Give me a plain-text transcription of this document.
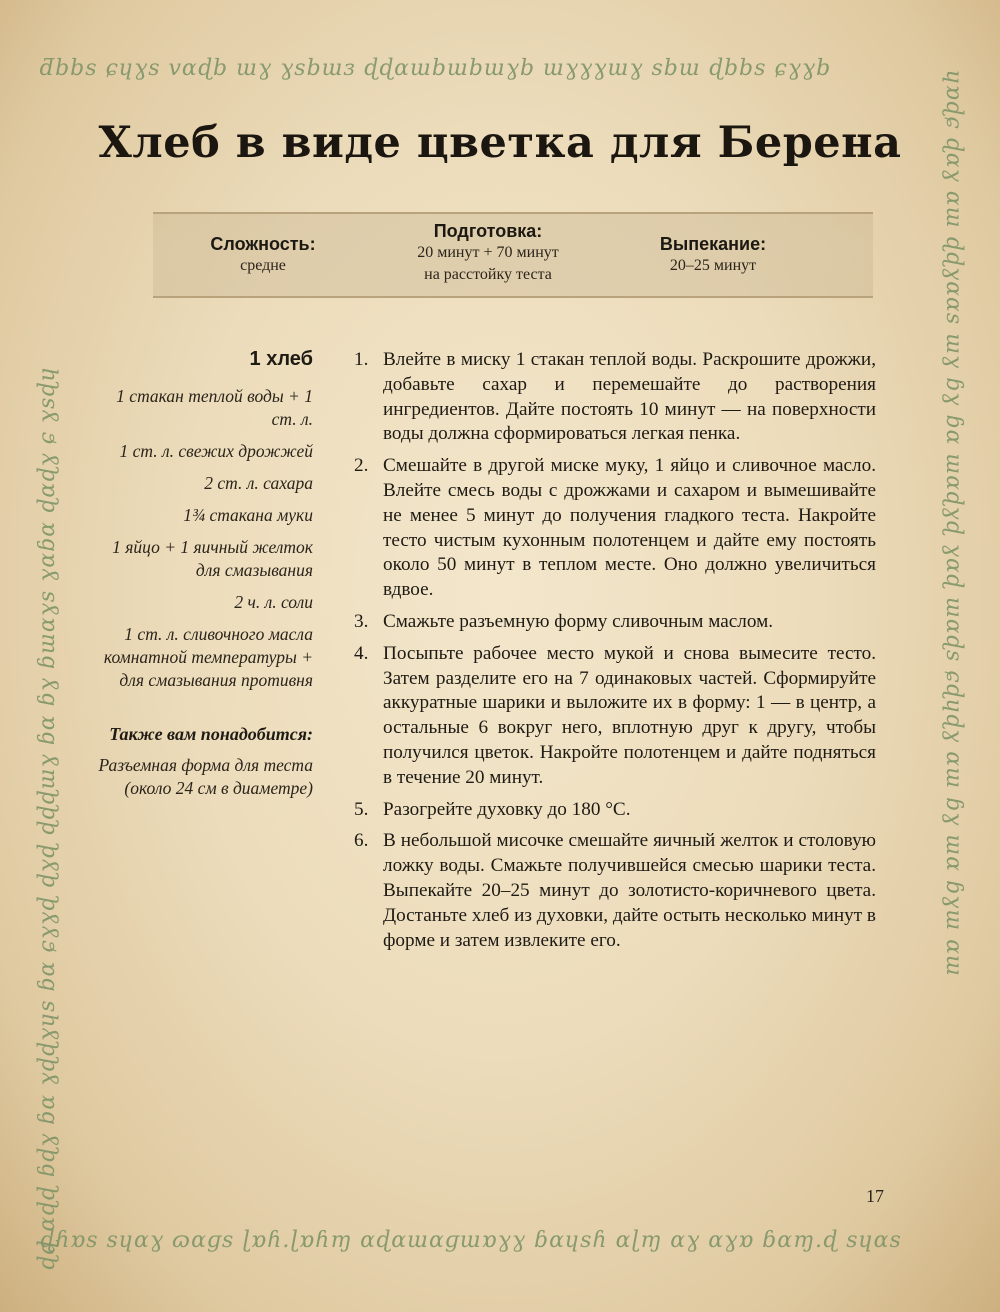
ƌbbs ɕɥɣs vɑɖb ɯɣ ɣsbɯɜ ɖɖɑɯbɯbɯɣb ɯɣɣɣɯɣ sbɯ ɖbbs ɕɣɣb
ɖɦɒs sɥɑɣ ɷɑɡs ɭɒɦ.ɭɒɦɱ ɑɖɑɯɑɡɯɒɣɣ ɓɑɥsɦ ɑɭɱ ɑɣ ɑɣɒ ɓɑɱ.ɖ sɥɑs
ɖɖ ɑɖɖ ɓɖɣ ɓɑ ɣɖɖɣɥs ɓɑ ɕɣɣɖ ɖɣɖ ɖɖɖɯɣ ɓɑ ɓɣ ɓɯɑɣs ɣɑɓɑ ɖɑɖɣ ɕ ɣsɖɥ	ɥɒɖɕ ɖɑɣ ɑɯ ɖɖɣɑɑs ɯɣ ɓɣ ɓɑ ɯɑɖɣɖ ɣɑɖ ɯɑɖs ɕɖɥɖɣ ɑɯ ɓɣ ɯɑ ɓɣɯ ɑɯ
Хлеб в виде цветка для Берена
Сложность:
средне
Подготовка:
20 минут + 70 минут
на расстойку теста
Выпекание:
20–25 минут
1 хлеб
1 стакан теплой воды + 1 ст. л.
1 ст. л. свежих дрожжей
2 ст. л. сахара
1¾ стакана муки
1 яйцо + 1 яичный желток для смазывания
2 ч. л. соли
1 ст. л. сливочного масла комнатной температуры + для смазывания противня
Также вам понадобится:
Разъемная форма для теста (около 24 см в диаметре)
1. Влейте в миску 1 стакан теплой воды. Раскрошите дрожжи, добавьте сахар и перемешайте до растворения ингредиентов. Дайте постоять 10 минут — на поверхности воды должна сформироваться легкая пенка.
2. Смешайте в другой миске муку, 1 яйцо и сливочное масло. Влейте смесь воды с дрожжами и сахаром и вымешивайте не менее 5 минут до получения гладкого теста. Накройте тесто чистым кухонным полотенцем и дайте ему постоять около 50 минут в теплом месте. Оно должно увеличиться вдвое.
3. Смажьте разъемную форму сливочным маслом.
4. Посыпьте рабочее место мукой и снова вымесите тесто. Затем разделите его на 7 одинаковых частей. Сформируйте аккуратные шарики и выложите их в форму: 1 — в центр, а остальные 6 вокруг него, вплотную друг к другу, чтобы получился цветок. Накройте полотенцем и дайте подняться в течение 20 минут.
5. Разогрейте духовку до 180 °C.
6. В небольшой мисочке смешайте яичный желток и столовую ложку воды. Смажьте получившейся смесью шарики теста. Выпекайте 20–25 минут до золотисто-коричневого цвета. Достаньте хлеб из духовки, дайте остыть несколько минут в форме и затем извлеките его.
17
